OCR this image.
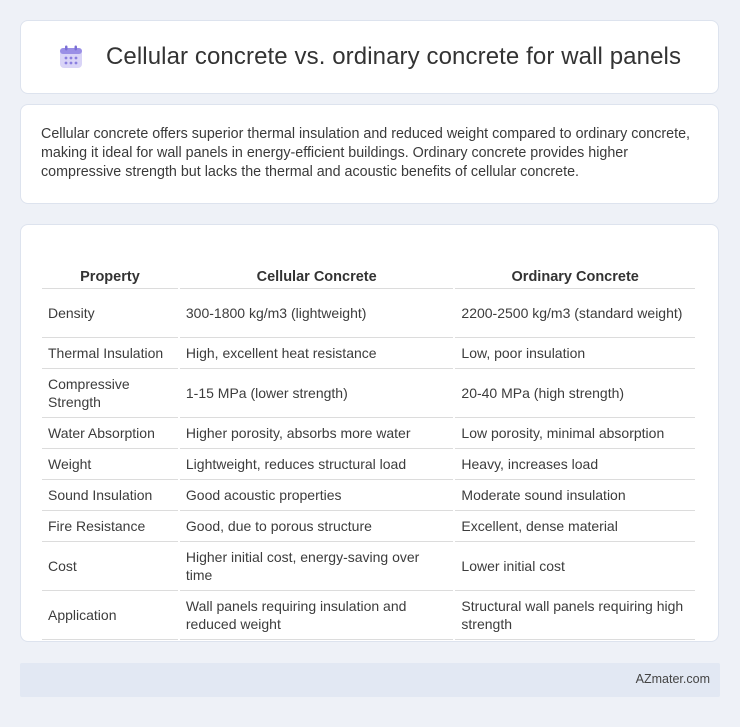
Cellular concrete vs. ordinary concrete for wall panels

Cellular concrete offers superior thermal insulation and reduced weight compared to ordinary concrete, making it ideal for wall panels in energy-efficient buildings. Ordinary concrete provides higher compressive strength but lacks the thermal and acoustic benefits of cellular concrete.

Property	Cellular Concrete	Ordinary Concrete
Density	300-1800 kg/m3 (lightweight)	2200-2500 kg/m3 (standard weight)
Thermal Insulation	High, excellent heat resistance	Low, poor insulation
Compressive Strength	1-15 MPa (lower strength)	20-40 MPa (high strength)
Water Absorption	Higher porosity, absorbs more water	Low porosity, minimal absorption
Weight	Lightweight, reduces structural load	Heavy, increases load
Sound Insulation	Good acoustic properties	Moderate sound insulation
Fire Resistance	Good, due to porous structure	Excellent, dense material
Cost	Higher initial cost, energy-saving over time	Lower initial cost
Application	Wall panels requiring insulation and reduced weight	Structural wall panels requiring high strength
AZmater.com
